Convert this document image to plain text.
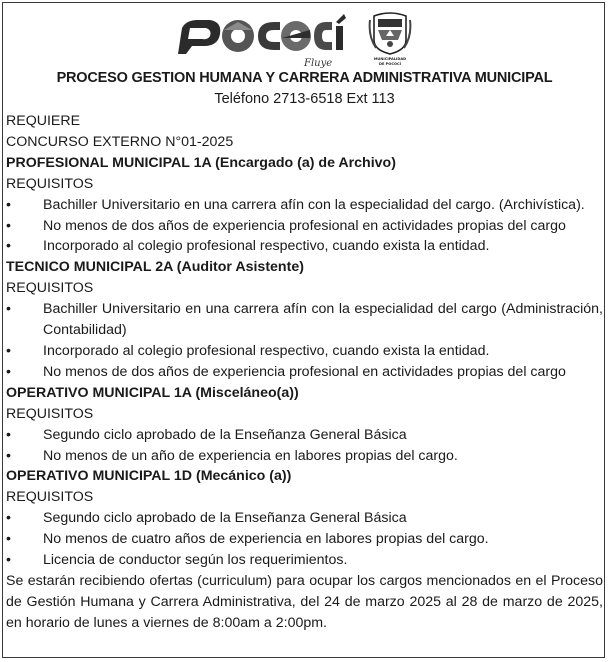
Fluye	MUNICIPALIDAD
DE POCOCÍ
PROCESO GESTION HUMANA Y CARRERA ADMINISTRATIVA MUNICIPAL
Teléfono 2713-6518 Ext 113
REQUIERE
CONCURSO EXTERNO N°01-2025
PROFESIONAL MUNICIPAL 1A (Encargado (a) de Archivo)
REQUISITOS
•	Bachiller Universitario en una carrera afín con la especialidad del cargo. (Archivística).
•	No menos de dos años de experiencia profesional en actividades propias del cargo
•	Incorporado al colegio profesional respectivo, cuando exista la entidad.
TECNICO MUNICIPAL 2A (Auditor Asistente)
REQUISITOS
•	Bachiller Universitario en una carrera afín con la especialidad del cargo (Administración, Contabilidad)
•	Incorporado al colegio profesional respectivo, cuando exista la entidad.
•	No menos de dos años de experiencia profesional en actividades propias del cargo
OPERATIVO MUNICIPAL 1A (Misceláneo(a))
REQUISITOS
•	Segundo ciclo aprobado de la Enseñanza General Básica
•	No menos de un año de experiencia en labores propias del cargo.
OPERATIVO MUNICIPAL 1D (Mecánico (a))
REQUISITOS
•	Segundo ciclo aprobado de la Enseñanza General Básica
•	No menos de cuatro años de experiencia en labores propias del cargo.
•	Licencia de conductor según los requerimientos.
Se estarán recibiendo ofertas (curriculum) para ocupar los cargos mencionados en el Proceso de Gestión Humana y Carrera Administrativa, del 24 de marzo 2025 al 28 de marzo de 2025, en horario de lunes a viernes de 8:00am a 2:00pm.
